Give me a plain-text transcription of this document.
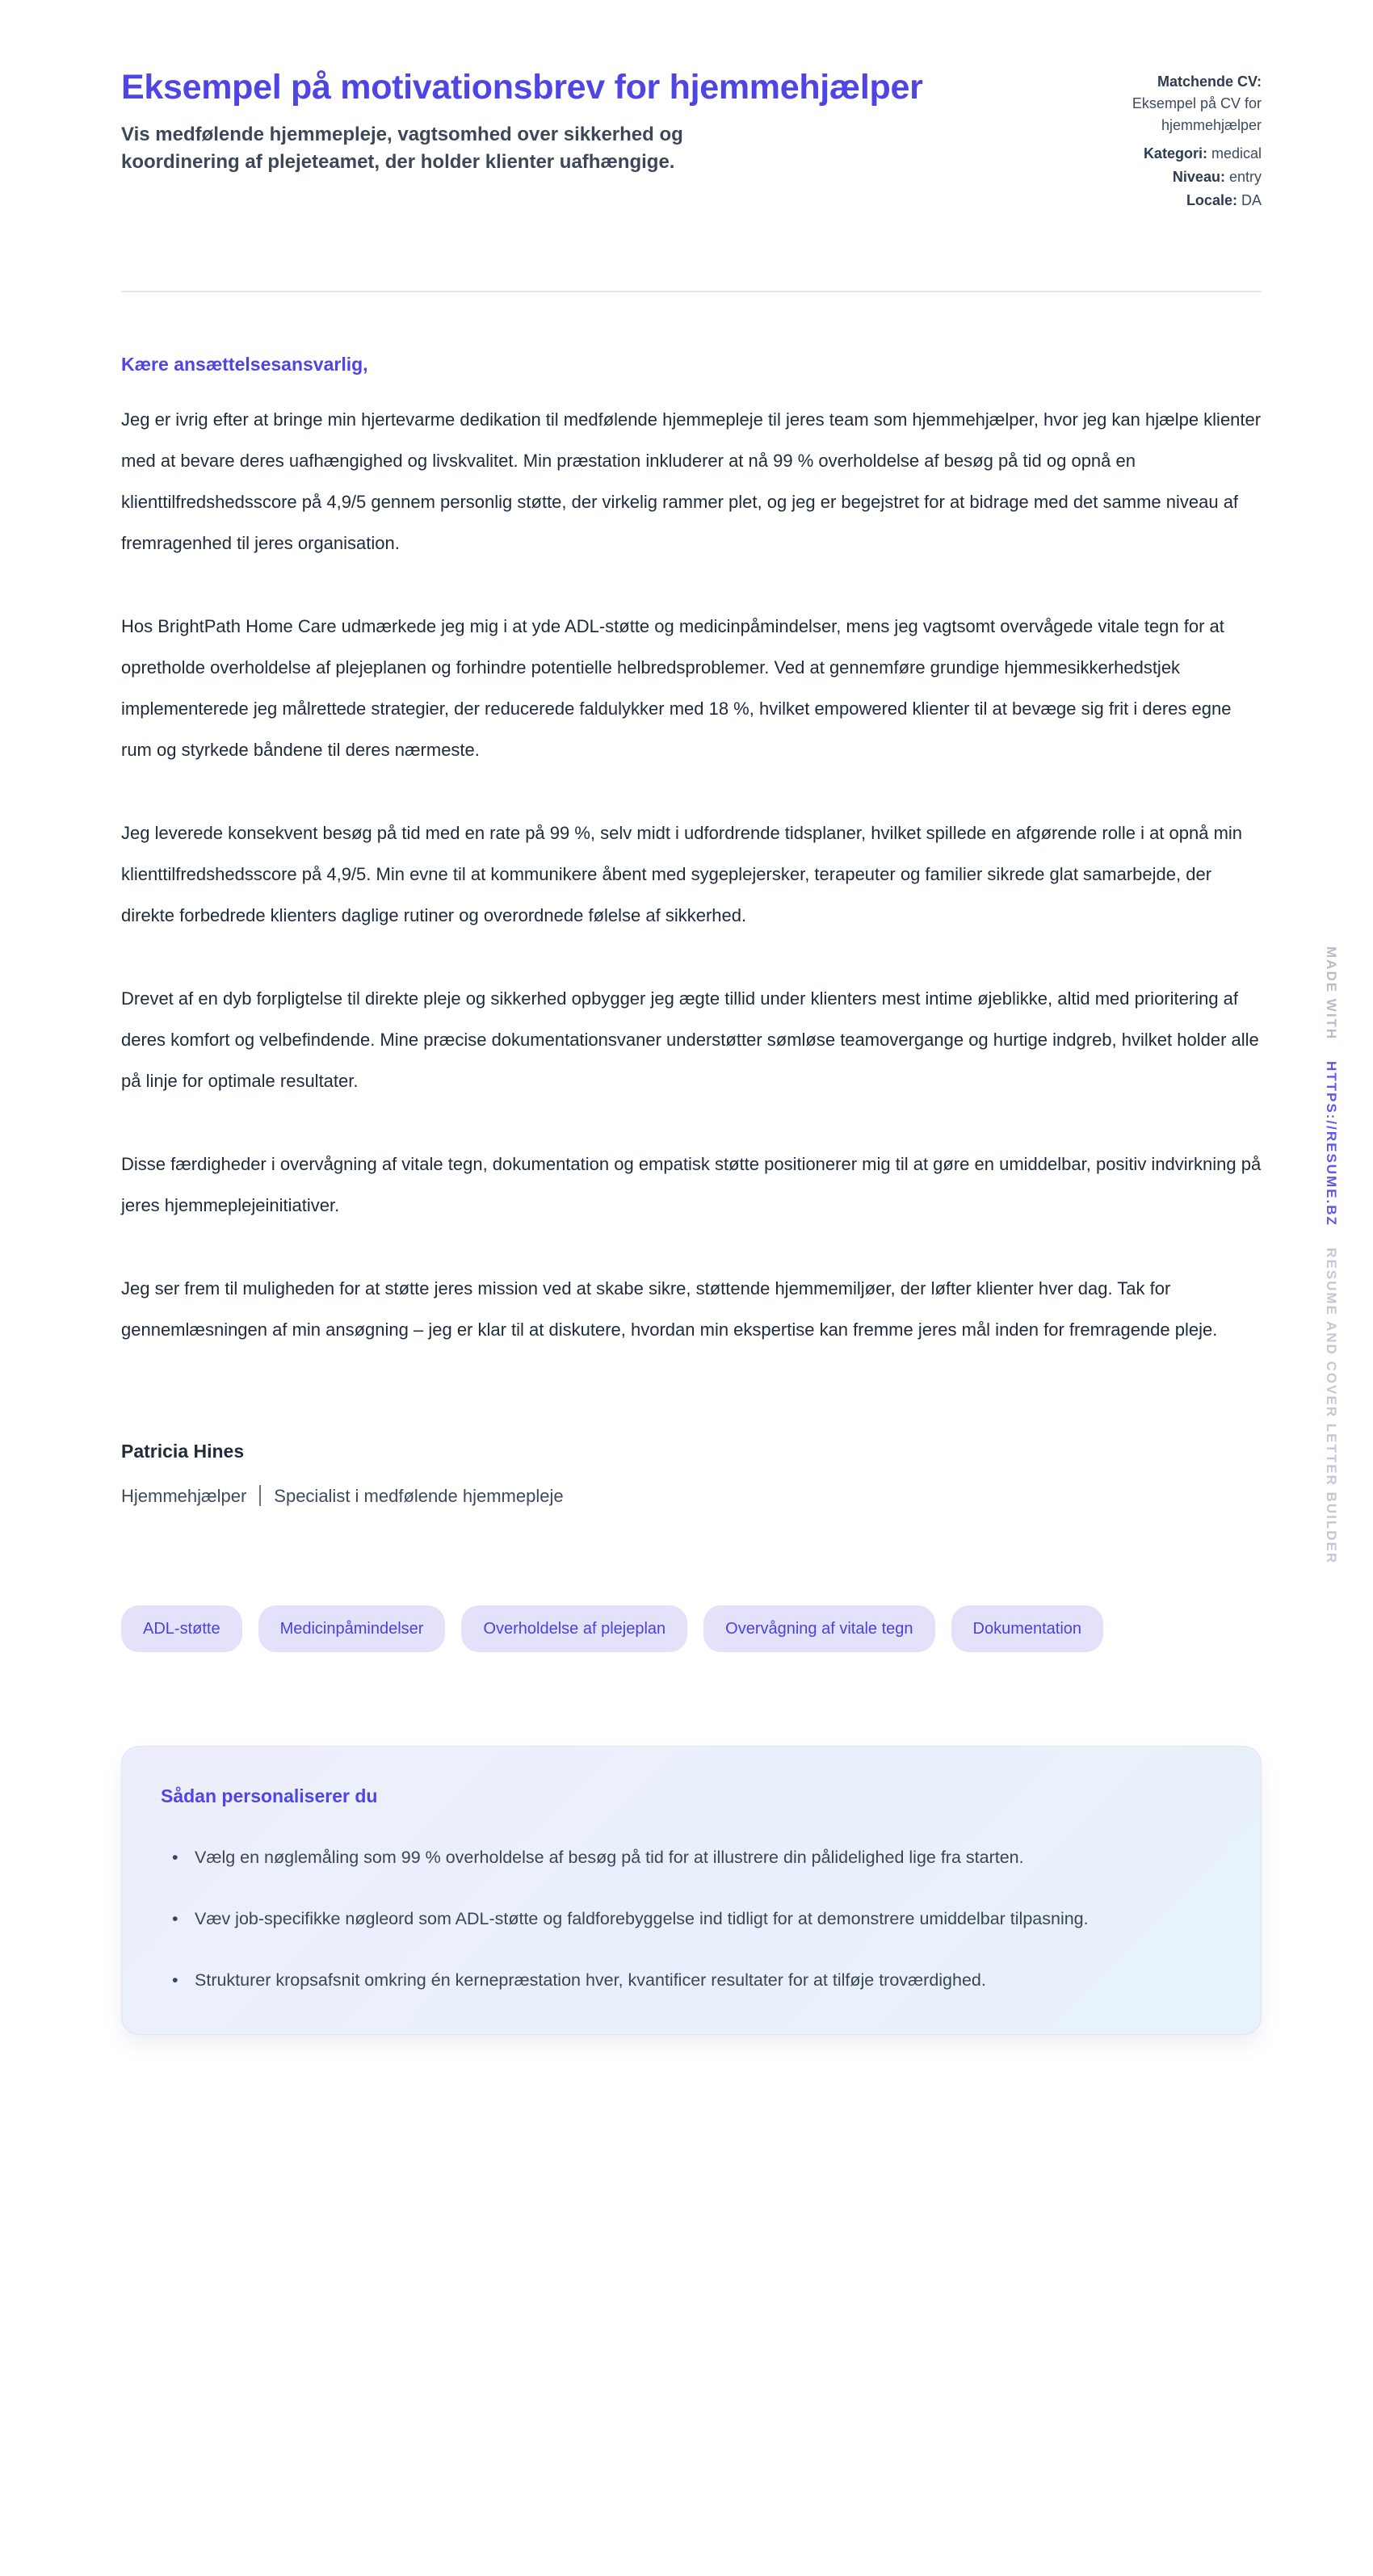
Eksempel på motivationsbrev for hjemmehjælper

Vis medfølende hjemmepleje, vagtsomhed over sikkerhed og koordinering af plejeteamet, der holder klienter uafhængige.

Matchende CV:
Eksempel på CV for hjemmehjælper
Kategori: medical
Niveau: entry
Locale: DA
Kære ansættelsesansvarlig,

Jeg er ivrig efter at bringe min hjertevarme dedikation til medfølende hjemmepleje til jeres team som hjemmehjælper, hvor jeg kan hjælpe klienter med at bevare deres uafhængighed og livskvalitet. Min præstation inkluderer at nå 99 % overholdelse af besøg på tid og opnå en klienttilfredshedsscore på 4,9/5 gennem personlig støtte, der virkelig rammer plet, og jeg er begejstret for at bidrage med det samme niveau af fremragenhed til jeres organisation.

Hos BrightPath Home Care udmærkede jeg mig i at yde ADL-støtte og medicinpåmindelser, mens jeg vagtsomt overvågede vitale tegn for at opretholde overholdelse af plejeplanen og forhindre potentielle helbredsproblemer. Ved at gennemføre grundige hjemmesikkerhedstjek implementerede jeg målrettede strategier, der reducerede faldulykker med 18 %, hvilket empowered klienter til at bevæge sig frit i deres egne rum og styrkede båndene til deres nærmeste.

Jeg leverede konsekvent besøg på tid med en rate på 99 %, selv midt i udfordrende tidsplaner, hvilket spillede en afgørende rolle i at opnå min klienttilfredshedsscore på 4,9/5. Min evne til at kommunikere åbent med sygeplejersker, terapeuter og familier sikrede glat samarbejde, der direkte forbedrede klienters daglige rutiner og overordnede følelse af sikkerhed.

Drevet af en dyb forpligtelse til direkte pleje og sikkerhed opbygger jeg ægte tillid under klienters mest intime øjeblikke, altid med prioritering af deres komfort og velbefindende. Mine præcise dokumentationsvaner understøtter sømløse teamovergange og hurtige indgreb, hvilket holder alle på linje for optimale resultater.

Disse færdigheder i overvågning af vitale tegn, dokumentation og empatisk støtte positionerer mig til at gøre en umiddelbar, positiv indvirkning på jeres hjemmeplejeinitiativer.

Jeg ser frem til muligheden for at støtte jeres mission ved at skabe sikre, støttende hjemmemiljøer, der løfter klienter hver dag. Tak for gennemlæsningen af min ansøgning – jeg er klar til at diskutere, hvordan min ekspertise kan fremme jeres mål inden for fremragende pleje.

Patricia Hines
Hjemmehjælper Specialist i medfølende hjemmepleje
ADL-støtte	Medicinpåmindelser	Overholdelse af plejeplan	Overvågning af vitale tegn	Dokumentation
Sådan personaliserer du
• Vælg en nøglemåling som 99 % overholdelse af besøg på tid for at illustrere din pålidelighed lige fra starten.
• Væv job-specifikke nøgleord som ADL-støtte og faldforebyggelse ind tidligt for at demonstrere umiddelbar tilpasning.
• Strukturer kropsafsnit omkring én kernepræstation hver, kvantificer resultater for at tilføje troværdighed.
MADE WITHHTTPS://RESUME.BZRESUME AND COVER LETTER BUILDER
